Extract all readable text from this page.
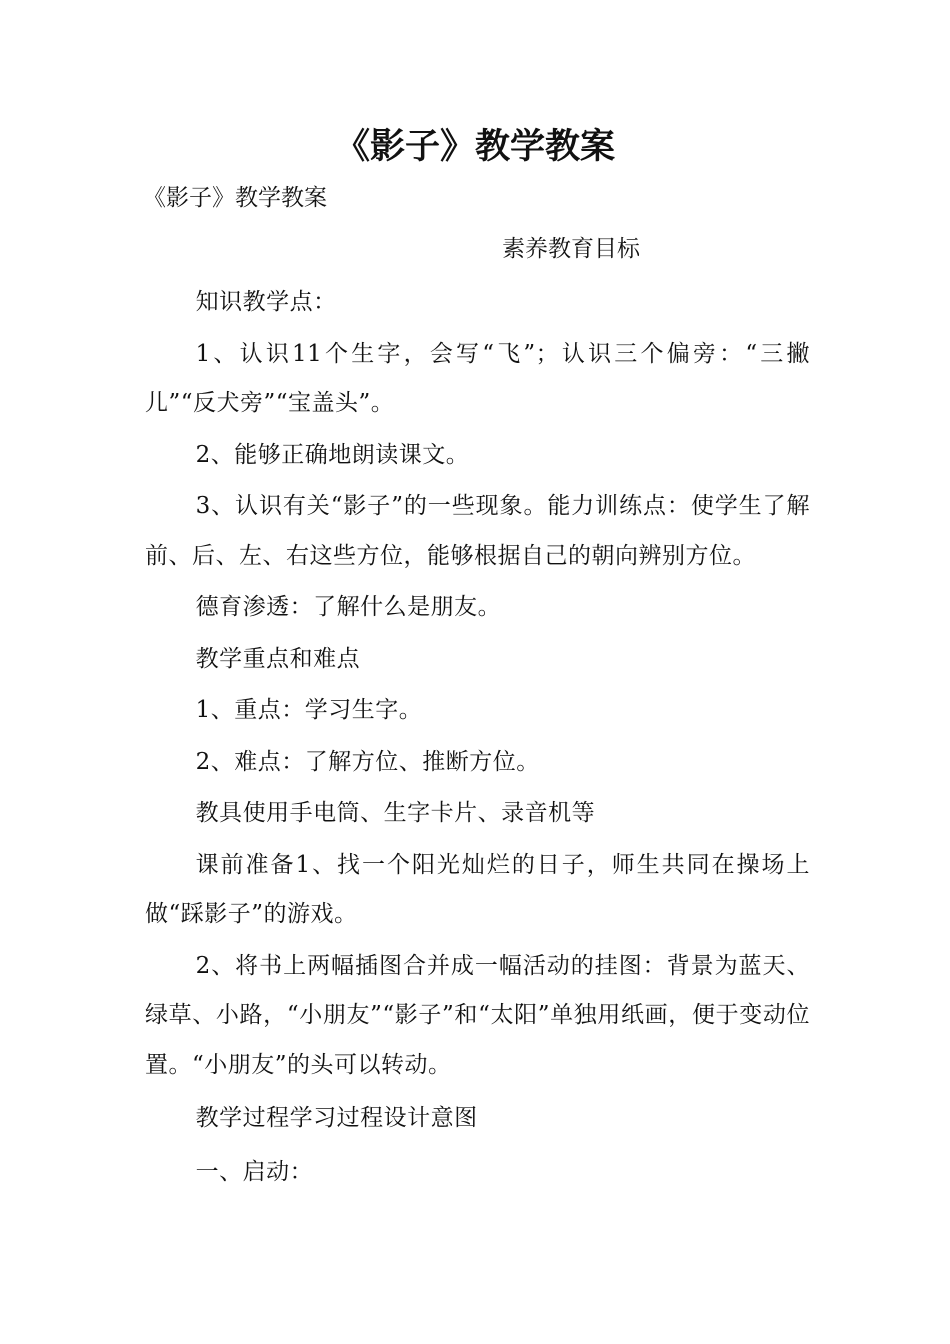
《影子》教学教案
《影子》教学教案
素养教育目标

知识教学点：

1、认识11个生字，会写“飞”；认识三个偏旁：“三撇儿”“反犬旁”“宝盖头”。

2、能够正确地朗读课文。

3、认识有关“影子”的一些现象。能力训练点：使学生了解前、后、左、右这些方位，能够根据自己的朝向辨别方位。

德育渗透：了解什么是朋友。

教学重点和难点

1、重点：学习生字。

2、难点：了解方位、推断方位。

教具使用手电筒、生字卡片、录音机等

课前准备1、找一个阳光灿烂的日子，师生共同在操场上做“踩影子”的游戏。

2、将书上两幅插图合并成一幅活动的挂图：背景为蓝天、绿草、小路，“小朋友”“影子”和“太阳”单独用纸画，便于变动位置。“小朋友”的头可以转动。

教学过程学习过程设计意图

一、启动：
